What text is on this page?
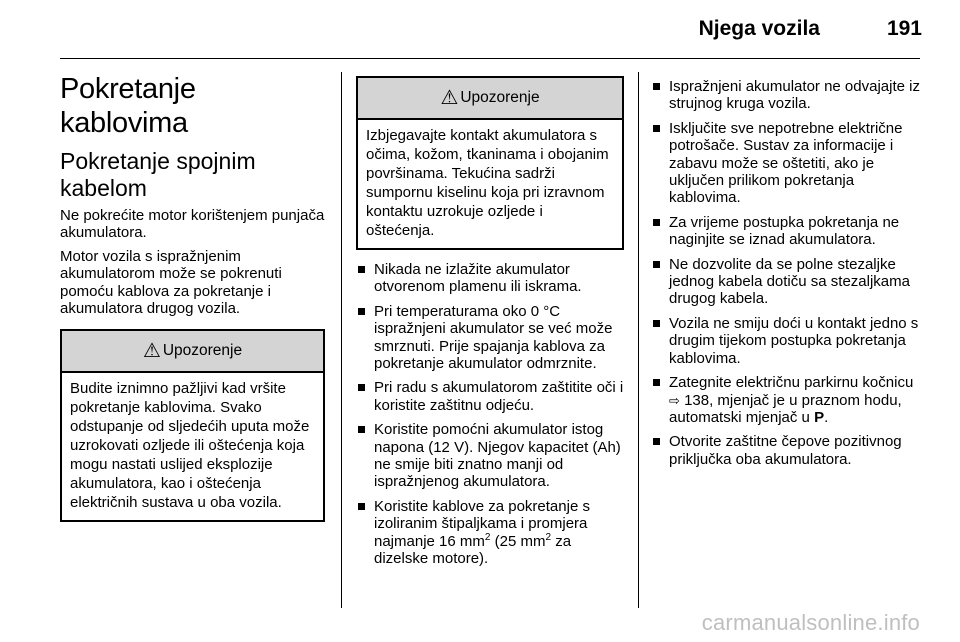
Njega vozila	191
Pokretanje kablovima
Pokretanje spojnim kabelom

Ne pokrećite motor korištenjem punjača akumulatora.

Motor vozila s ispražnjenim akumulatorom može se pokrenuti pomoću kablova za pokretanje i akumulatora drugog vozila.

⚠ Upozorenje
Budite iznimno pažljivi kad vršite pokretanje kablovima. Svako odstupanje od sljedećih uputa može uzrokovati ozljede ili oštećenja koja mogu nastati uslijed eksplozije akumulatora, kao i oštećenja električnih sustava u oba vozila.
⚠ Upozorenje
Izbjegavajte kontakt akumulatora s očima, kožom, tkaninama i obojanim površinama. Tekućina sadrži sumpornu kiselinu koja pri izravnom kontaktu uzrokuje ozljede i oštećenja.
Nikada ne izlažite akumulator otvorenom plamenu ili iskrama.
Pri temperaturama oko 0 °C ispražnjeni akumulator se već može smrznuti. Prije spajanja kablova za pokretanje akumulator odmrznite.
Pri radu s akumulatorom zaštitite oči i koristite zaštitnu odjeću.
Koristite pomoćni akumulator istog napona (12 V). Njegov kapacitet (Ah) ne smije biti znatno manji od ispražnjenog akumulatora.
Koristite kablove za pokretanje s izoliranim štipaljkama i promjera najmanje 16 $mm^2$ (25 $mm^2$ za dizelske motore).
Ispražnjeni akumulator ne odvajajte iz strujnog kruga vozila.
Isključite sve nepotrebne električne potrošače. Sustav za informacije i zabavu može se oštetiti, ako je uključen prilikom pokretanja kablovima.
Za vrijeme postupka pokretanja ne naginjite se iznad akumulatora.
Ne dozvolite da se polne stezaljke jednog kabela dotiču sa stezaljkama drugog kabela.
Vozila ne smiju doći u kontakt jedno s drugim tijekom postupka pokretanja kablovima.
Zategnite električnu parkirnu kočnicu ⇨ 138, mjenjač je u praznom hodu, automatski mjenjač u P.
Otvorite zaštitne čepove pozitivnog priključka oba akumulatora.
carmanualsonline.info
